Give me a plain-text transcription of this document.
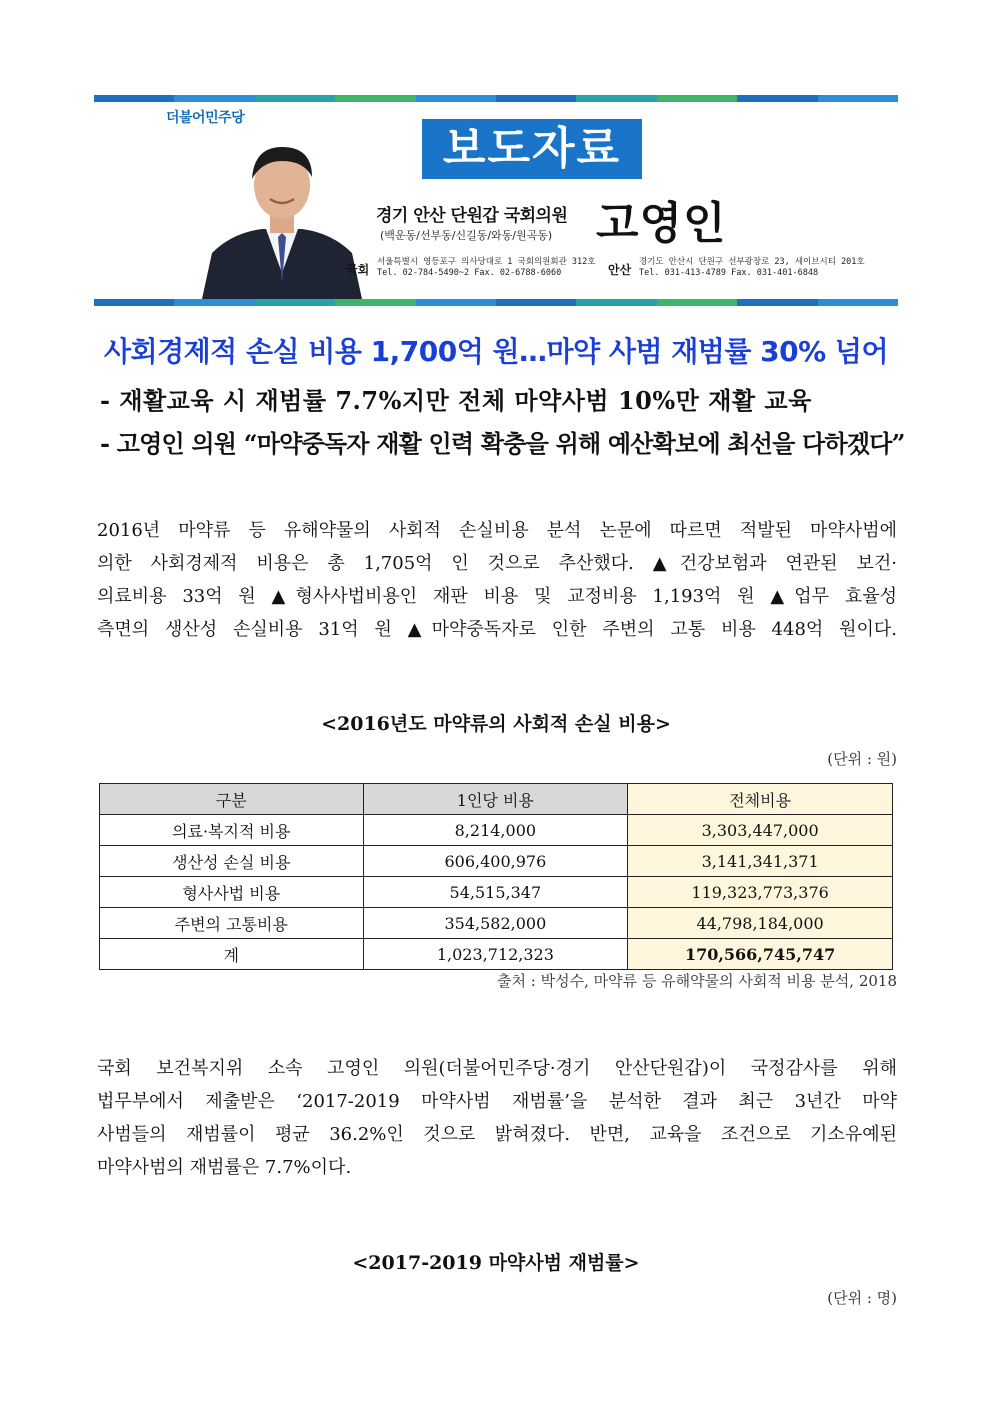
더불어민주당
보도자료
경기 안산 단원갑 국회의원 고영인
(백운동/선부동/신길동/와동/원곡동)
국회
서울특별시 영등포구 의사당대로 1 국회의원회관 312호
Tel. 02-784-5490~2 Fax. 02-6788-6060	안산
경기도 안산시 단원구 선부광장로 23, 세이브시티 201호
Tel. 031-413-4789 Fax. 031-401-6848
사회경제적 손실 비용 1,700억 원…마약 사범 재범률 30% 넘어
- 재활교육 시 재범률 7.7%지만 전체 마약사범 10%만 재활 교육
- 고영인 의원 “마약중독자 재활 인력 확충을 위해 예산확보에 최선을 다하겠다”
2016년 마약류 등 유해약물의 사회적 손실비용 분석 논문에 따르면 적발된 마약사범에
의한 사회경제적 비용은 총 1,705억 인 것으로 추산했다. ▲건강보험과 연관된 보건·
의료비용 33억 원 ▲형사사법비용인 재판 비용 및 교정비용 1,193억 원 ▲업무 효율성
측면의 생산성 손실비용 31억 원 ▲마약중독자로 인한 주변의 고통 비용 448억 원이다.
<2016년도 마약류의 사회적 손실 비용>
(단위 : 원)
구분	1인당 비용	전체비용
의료·복지적 비용	8,214,000	3,303,447,000
생산성 손실 비용	606,400,976	3,141,341,371
형사사법 비용	54,515,347	119,323,773,376
주변의 고통비용	354,582,000	44,798,184,000
계	1,023,712,323	170,566,745,747
출처 : 박성수, 마약류 등 유해약물의 사회적 비용 분석, 2018
국회 보건복지위 소속 고영인 의원(더불어민주당·경기 안산단원갑)이 국정감사를 위해
법무부에서 제출받은 ‘2017-2019 마약사범 재범률’을 분석한 결과 최근 3년간 마약
사범들의 재범률이 평균 36.2%인 것으로 밝혀졌다. 반면, 교육을 조건으로 기소유예된
마약사범의 재범률은 7.7%이다.
<2017-2019 마약사범 재범률>
(단위 : 명)
